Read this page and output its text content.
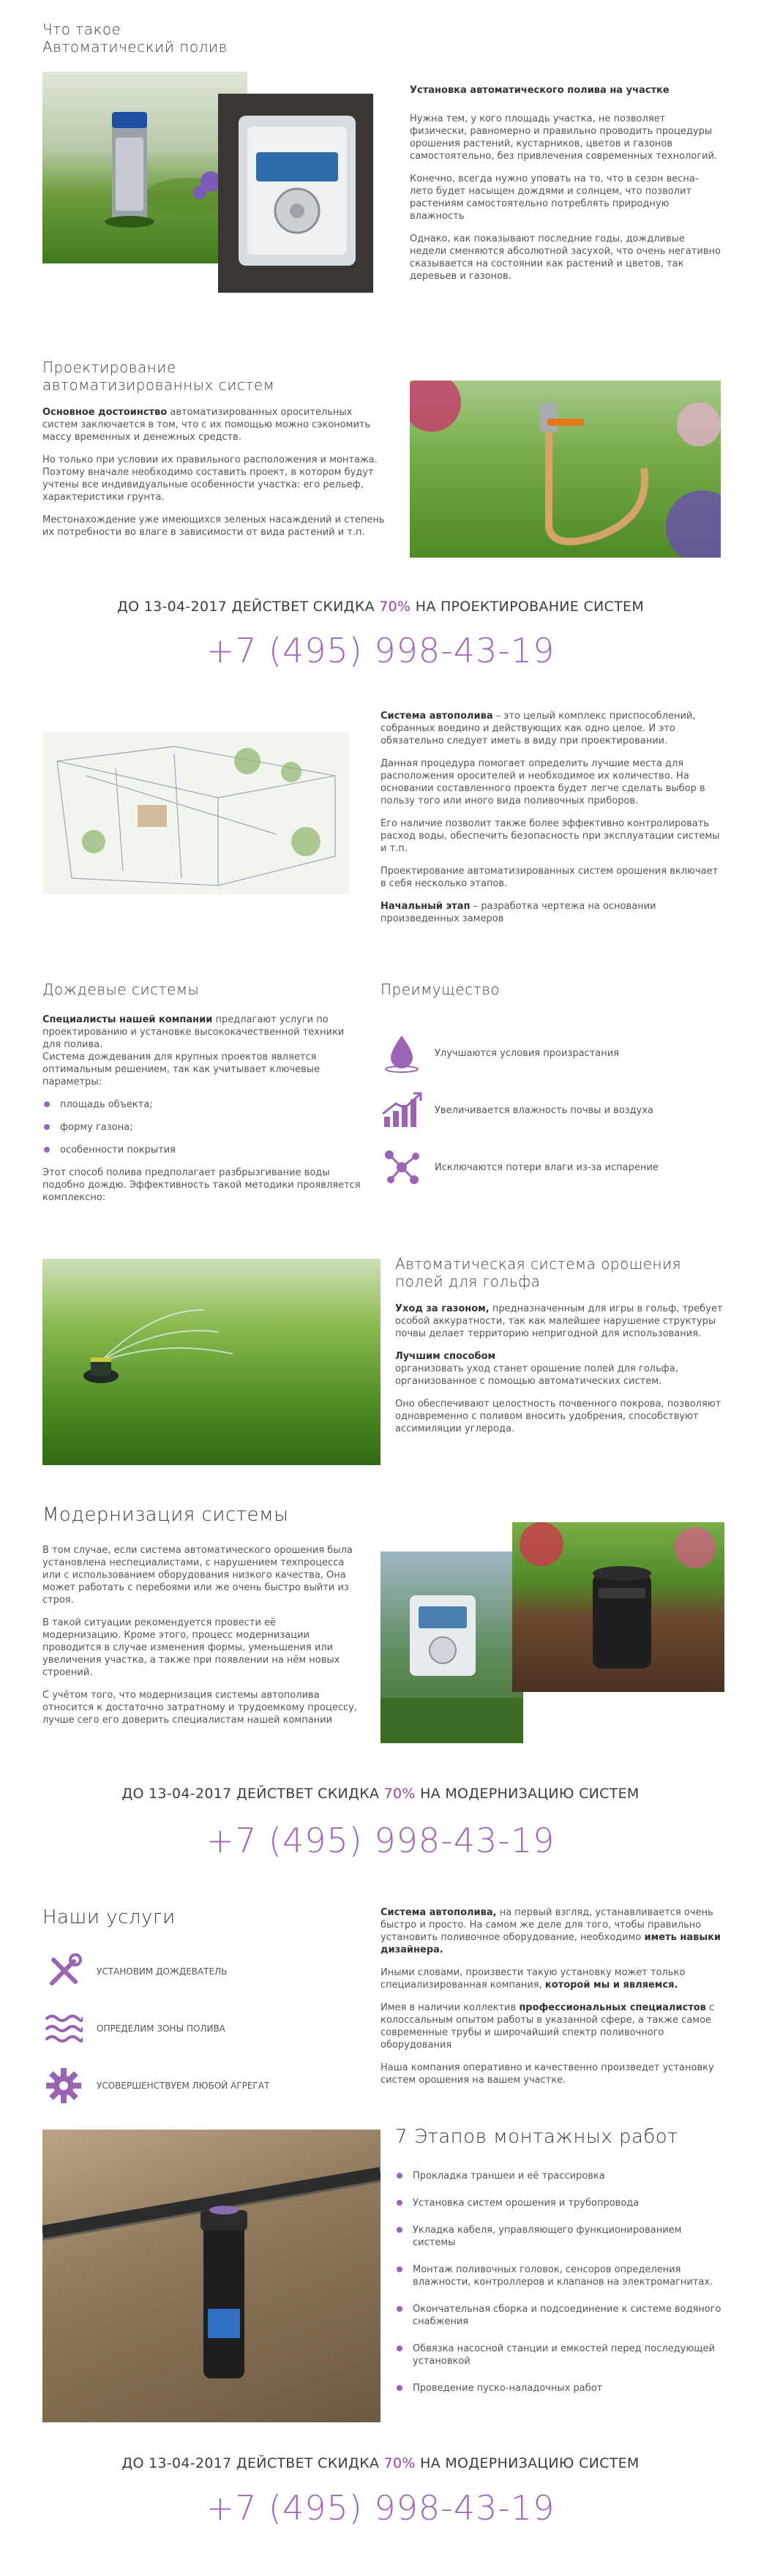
Что такое
Автоматический полив

Установка автоматического полива на участке

Нужна тем, у кого площадь участка, не позволяет физически, равномерно и правильно проводить процедуры орошения растений, кустарников, цветов и газонов самостоятельно, без привлечения современных технологий.

Конечно, всегда нужно уповать на то, что в сезон весна-лето будет насыщен дождями и солнцем, что позволит растениям самостоятельно потреблять природную влажность

Однако, как показывают последние годы, дождливые недели сменяются абсолютной засухой, что очень негативно сказывается на состоянии как растений и цветов, так деревьев и газонов.

Проектирование
автоматизированных систем

Основное достоинство автоматизированных оросительных систем заключается в том, что с их помощью можно сэкономить массу временных и денежных средств.

Но только при условии их правильного расположения и монтажа. Поэтому вначале необходимо составить проект, в котором будут учтены все индивидуальные особенности участка: его рельеф, характеристики грунта.

Местонахождение уже имеющихся зеленых насаждений и степень их потребности во влаге в зависимости от вида растений и т.п.

ДО 13-04-2017 ДЕЙСТВЕТ СКИДКА 70% НА ПРОЕКТИРОВАНИЕ СИСТЕМ
+7 (495) 998-43-19

Система автополива – это целый комплекс приспособлений, собранных воедино и действующих как одно целое. И это обязательно следует иметь в виду при проектировании.

Данная процедура помогает определить лучшие места для расположения оросителей и необходимое их количество. На основании составленного проекта будет легче сделать выбор в пользу того или иного вида поливочных приборов.

Его наличие позволит также более эффективно контролировать расход воды, обеспечить безопасность при эксплуатации системы и т.п.

Проектирование автоматизированных систем орошения включает в себя несколько этапов.

Начальный этап – разработка чертежа на основании произведенных замеров

Дождевые системы

Специалисты нашей компании предлагают услуги по проектированию и установке высококачественной техники для полива.

Система дождевания для крупных проектов является оптимальным решением, так как учитывает ключевые параметры:

площадь объекта;
форму газона;
особенности покрытия

Этот способ полива предполагает разбрызгивание воды подобно дождю. Эффективность такой методики проявляется комплексно:

Преимущество
Улучшаются условия произрастания
Увеличивается влажность почвы и воздуха
Исключаются потери влаги из-за испарение
Автоматическая система орошения
полей для гольфа

Уход за газоном, предназначенным для игры в гольф, требует особой аккуратности, так как малейшее нарушение структуры почвы делает территорию непригодной для использования.

Лучшим способом

организовать уход станет орошение полей для гольфа, организованное с помощью автоматических систем.

Оно обеспечивают целостность почвенного покрова, позволяют одновременно с поливом вносить удобрения, способствуют ассимиляции углерода.

Модернизация системы

В том случае, если система автоматического орошения была установлена неспециалистами, с нарушением техпроцесса или с использованием оборудования низкого качества, Она может работать с перебоями или же очень быстро выйти из строя.

В такой ситуации рекомендуется провести её модернизацию. Кроме этого, процесс модернизации проводится в случае изменения формы, уменьшения или увеличения участка, а также при появлении на нём новых строений.

С учётом того, что модернизация системы автополива относится к достаточно затратному и трудоемкому процессу, лучше сего его доверить специалистам нашей компании

ДО 13-04-2017 ДЕЙСТВЕТ СКИДКА 70% НА МОДЕРНИЗАЦИЮ СИСТЕМ
+7 (495) 998-43-19
Наши услуги
УСТАНОВИМ ДОЖДЕВАТЕЛЬ
ОПРЕДЕЛИМ ЗОНЫ ПОЛИВА
УСОВЕРШЕНСТВУЕМ ЛЮБОЙ АГРЕГАТ

Система автополива, на первый взгляд, устанавливается очень быстро и просто. На самом же деле для того, чтобы правильно установить поливочное оборудование, необходимо иметь навыки дизайнера.

Иными словами, произвести такую установку может только специализированная компания, которой мы и являемся.

Имея в наличии коллектив профессиональных специалистов с колоссальным опытом работы в указанной сфере, а также самое современные трубы и широчайший спектр поливочного оборудования

Наша компания оперативно и качественно произведет установку систем орошения на вашем участке.

7 Этапов монтажных работ
Прокладка траншеи и её трассировка
Установка систем орошения и трубопровода
Укладка кабеля, управляющего функционированием системы
Монтаж поливочных головок, сенсоров определения влажности, контроллеров и клапанов на электромагнитах.
Окончательная сборка и подсоединение к системе водяного снабжения
Обвязка насосной станции и емкостей перед последующей установкой
Проведение пуско-наладочных работ
ДО 13-04-2017 ДЕЙСТВЕТ СКИДКА 70% НА МОДЕРНИЗАЦИЮ СИСТЕМ
+7 (495) 998-43-19
